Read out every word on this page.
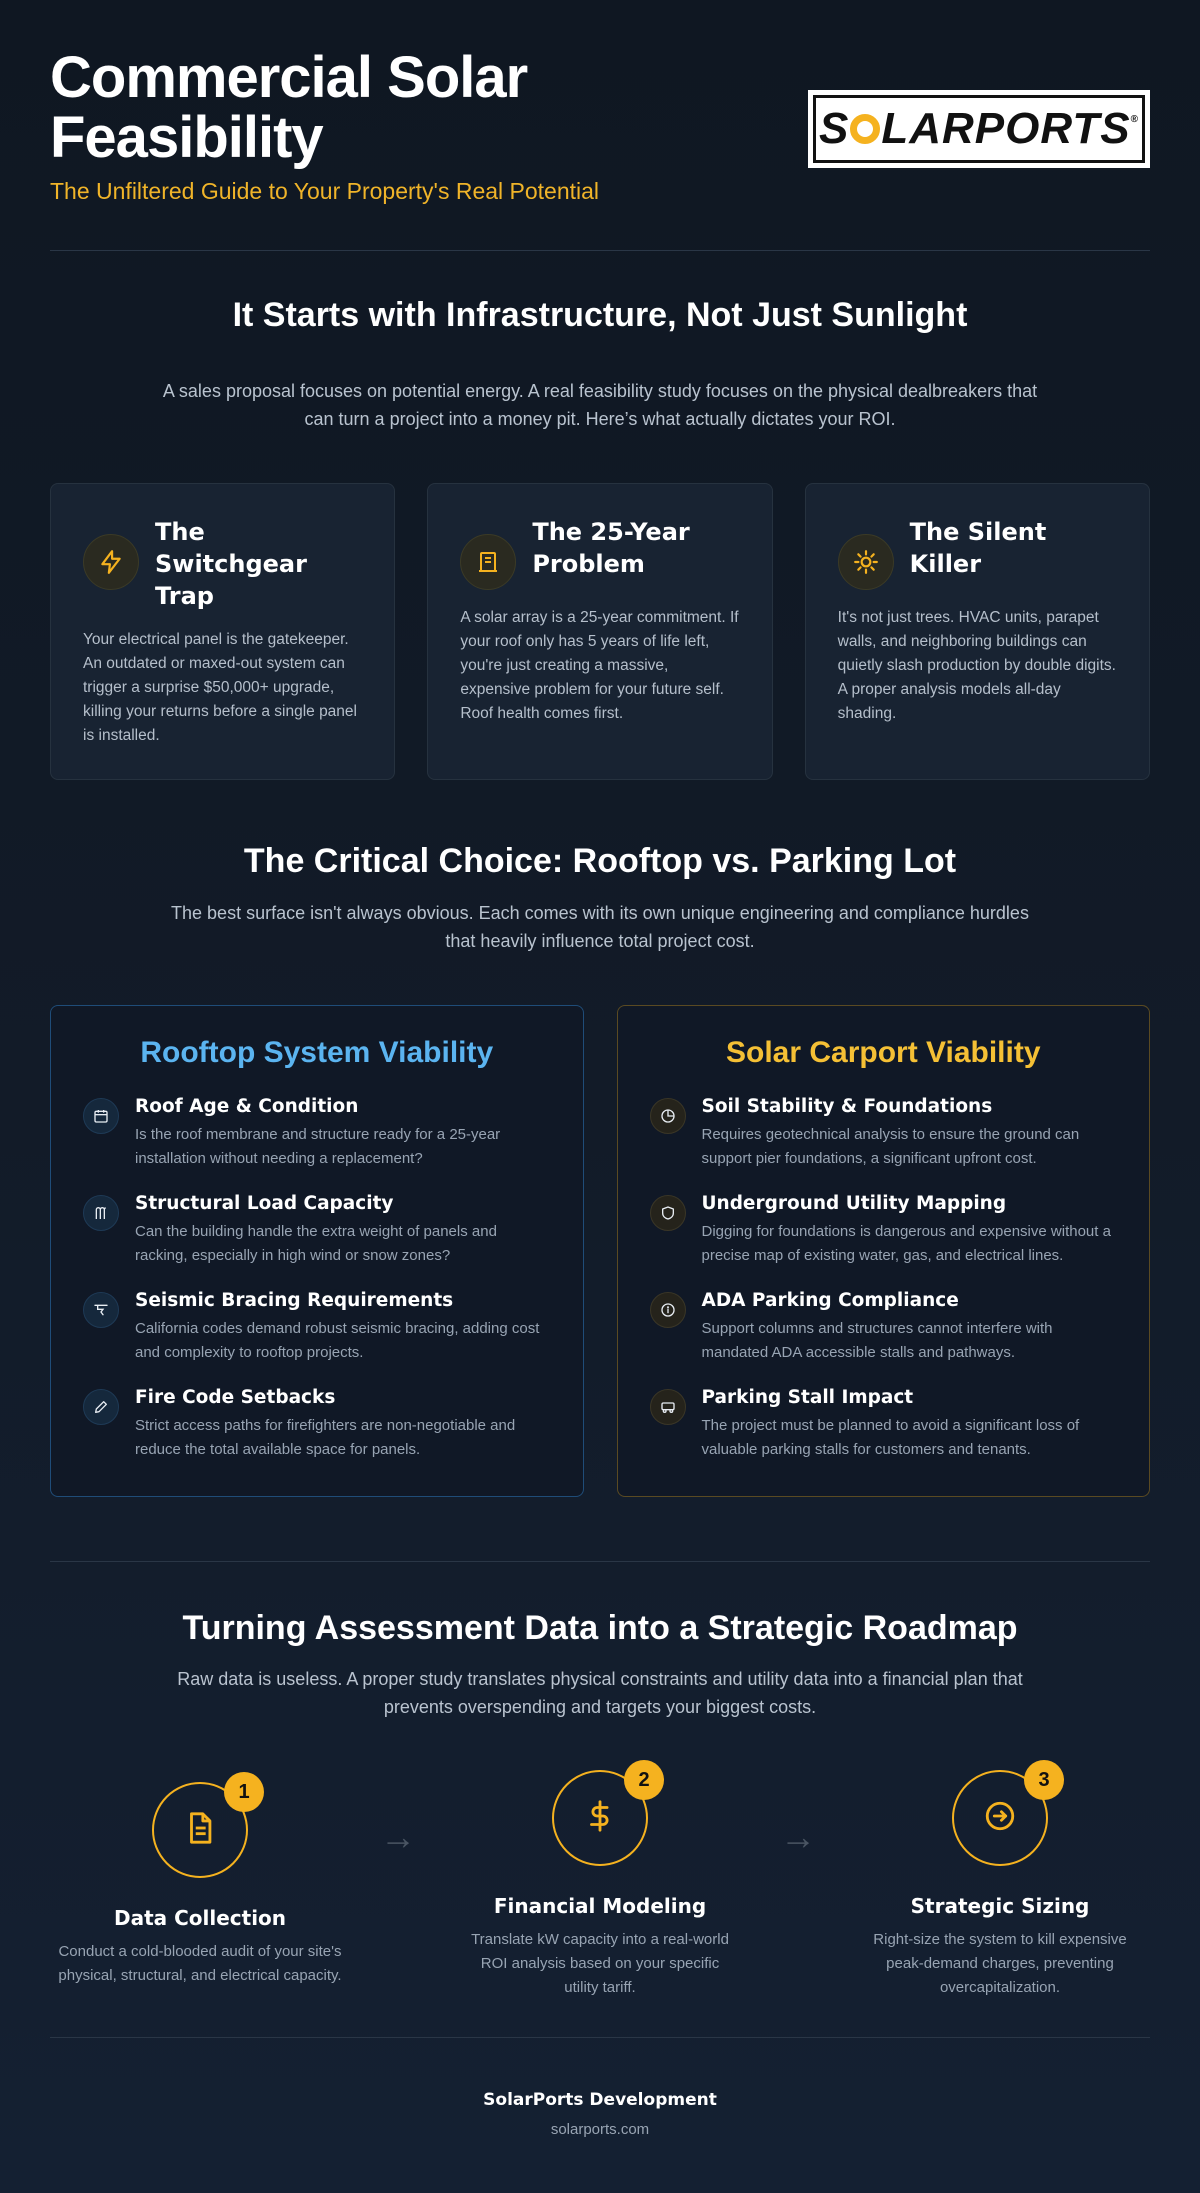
Commercial Solar Feasibility
The Unfiltered Guide to Your Property's Real Potential
S LARPORTS ®
It Starts with Infrastructure, Not Just Sunlight

A sales proposal focuses on potential energy. A real feasibility study focuses on the physical dealbreakers that can turn a project into a money pit. Here’s what actually dictates your ROI.

The Switchgear Trap
Your electrical panel is the gatekeeper. An outdated or maxed-out system can trigger a surprise $50,000+ upgrade, killing your returns before a single panel is installed.
The 25-Year Problem
A solar array is a 25-year commitment. If your roof only has 5 years of life left, you're just creating a massive, expensive problem for your future self. Roof health comes first.
The Silent Killer
It's not just trees. HVAC units, parapet walls, and neighboring buildings can quietly slash production by double digits. A proper analysis models all-day shading.
The Critical Choice: Rooftop vs. Parking Lot

The best surface isn't always obvious. Each comes with its own unique engineering and compliance hurdles that heavily influence total project cost.

Rooftop System Viability
Roof Age & Condition
Is the roof membrane and structure ready for a 25-year installation without needing a replacement?
Structural Load Capacity
Can the building handle the extra weight of panels and racking, especially in high wind or snow zones?
Seismic Bracing Requirements
California codes demand robust seismic bracing, adding cost and complexity to rooftop projects.
Fire Code Setbacks
Strict access paths for firefighters are non-negotiable and reduce the total available space for panels.
Solar Carport Viability
Soil Stability & Foundations
Requires geotechnical analysis to ensure the ground can support pier foundations, a significant upfront cost.
Underground Utility Mapping
Digging for foundations is dangerous and expensive without a precise map of existing water, gas, and electrical lines.
ADA Parking Compliance
Support columns and structures cannot interfere with mandated ADA accessible stalls and pathways.
Parking Stall Impact
The project must be planned to avoid a significant loss of valuable parking stalls for customers and tenants.
Turning Assessment Data into a Strategic Roadmap

Raw data is useless. A proper study translates physical constraints and utility data into a financial plan that prevents overspending and targets your biggest costs.

1
Data Collection
Conduct a cold-blooded audit of your site's physical, structural, and electrical capacity.
→
2
Financial Modeling
Translate kW capacity into a real-world ROI analysis based on your specific utility tariff.
→
3
Strategic Sizing
Right-size the system to kill expensive peak-demand charges, preventing overcapitalization.
SolarPorts Development
solarports.com
